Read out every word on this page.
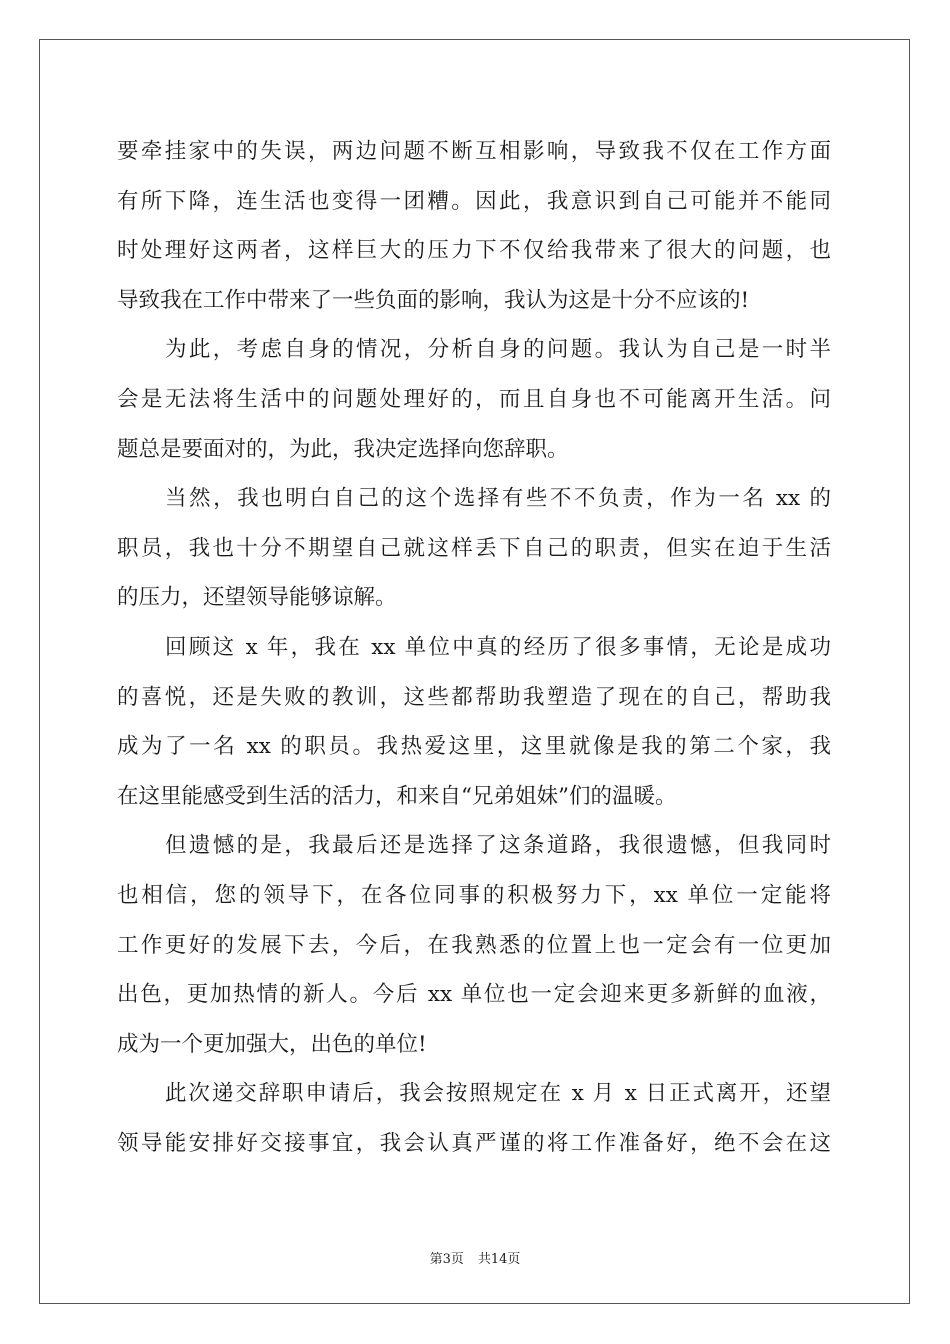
要牵挂家中的失误，两边问题不断互相影响，导致我不仅在工作方面
有所下降，连生活也变得一团糟。因此，我意识到自己可能并不能同
时处理好这两者，这样巨大的压力下不仅给我带来了很大的问题，也
导致我在工作中带来了一些负面的影响，我认为这是十分不应该的!
为此，考虑自身的情况，分析自身的问题。我认为自己是一时半
会是无法将生活中的问题处理好的，而且自身也不可能离开生活。问
题总是要面对的，为此，我决定选择向您辞职。
当然，我也明白自己的这个选择有些不不负责，作为一名 xx 的
职员，我也十分不期望自己就这样丢下自己的职责，但实在迫于生活
的压力，还望领导能够谅解。
回顾这 x 年，我在 xx 单位中真的经历了很多事情，无论是成功
的喜悦，还是失败的教训，这些都帮助我塑造了现在的自己，帮助我
成为了一名 xx 的职员。我热爱这里，这里就像是我的第二个家，我
在这里能感受到生活的活力，和来自“兄弟姐妹”们的温暖。
但遗憾的是，我最后还是选择了这条道路，我很遗憾，但我同时
也相信，您的领导下，在各位同事的积极努力下，xx 单位一定能将
工作更好的发展下去，今后，在我熟悉的位置上也一定会有一位更加
出色，更加热情的新人。今后 xx 单位也一定会迎来更多新鲜的血液，
成为一个更加强大，出色的单位!
此次递交辞职申请后，我会按照规定在 x 月 x 日正式离开，还望
领导能安排好交接事宜，我会认真严谨的将工作准备好，绝不会在这
第3页 共14页
